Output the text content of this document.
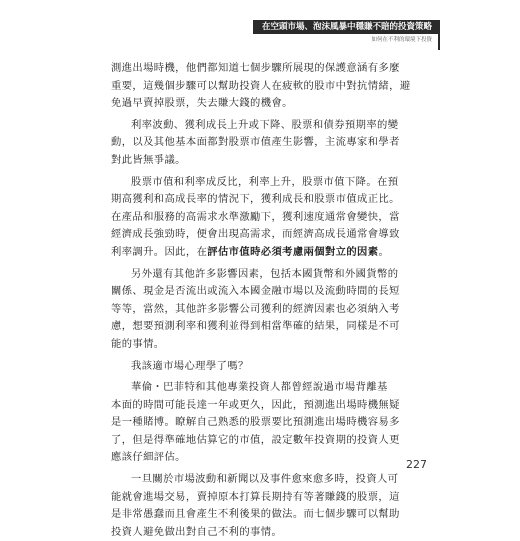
在空頭市場、泡沫風暴中穩賺不賠的投資策略
如何在不利的環境下投資
測進出場時機，他們都知道七個步驟所展現的保護意涵有多麼
重要，這幾個步驟可以幫助投資人在疲軟的股市中對抗情緒，避
免過早賣掉股票，失去賺大錢的機會。
利率波動、獲利成長上升或下降、股票和債券預期率的變
動，以及其他基本面都對股票市值產生影響，主流專家和學者
對此皆無爭議。
股票市值和利率成反比，利率上升，股票市值下降。在預
期高獲利和高成長率的情況下，獲利成長和股票市值成正比。
在產品和服務的高需求水準激勵下，獲利速度通常會變快，當
經濟成長強勁時，便會出現高需求，而經濟高成長通常會導致
利率調升。因此，在評估市值時必須考慮兩個對立的因素。
另外還有其他許多影響因素，包括本國貨幣和外國貨幣的
關係、現金是否流出或流入本國金融市場以及流動時間的長短
等等，當然，其他許多影響公司獲利的經濟因素也必須納入考
慮，想要預測利率和獲利並得到相當準確的結果，同樣是不可
能的事情。
我該適市場心理學了嗎？
華倫・巴菲特和其他專業投資人都曾經說過市場背離基
本面的時間可能長達一年或更久，因此，預測進出場時機無疑
是一種賭博。瞭解自己熟悉的股票要比預測進出場時機容易多
了，但是得準確地估算它的市值，設定數年投資期的投資人更
應該仔細評估。
一旦關於市場波動和新聞以及事件愈來愈多時，投資人可
能就會進場交易，賣掉原本打算長期持有等著賺錢的股票，這
是非常愚蠢而且會產生不利後果的做法。而七個步驟可以幫助
投資人避免做出對自己不利的事情。
227
